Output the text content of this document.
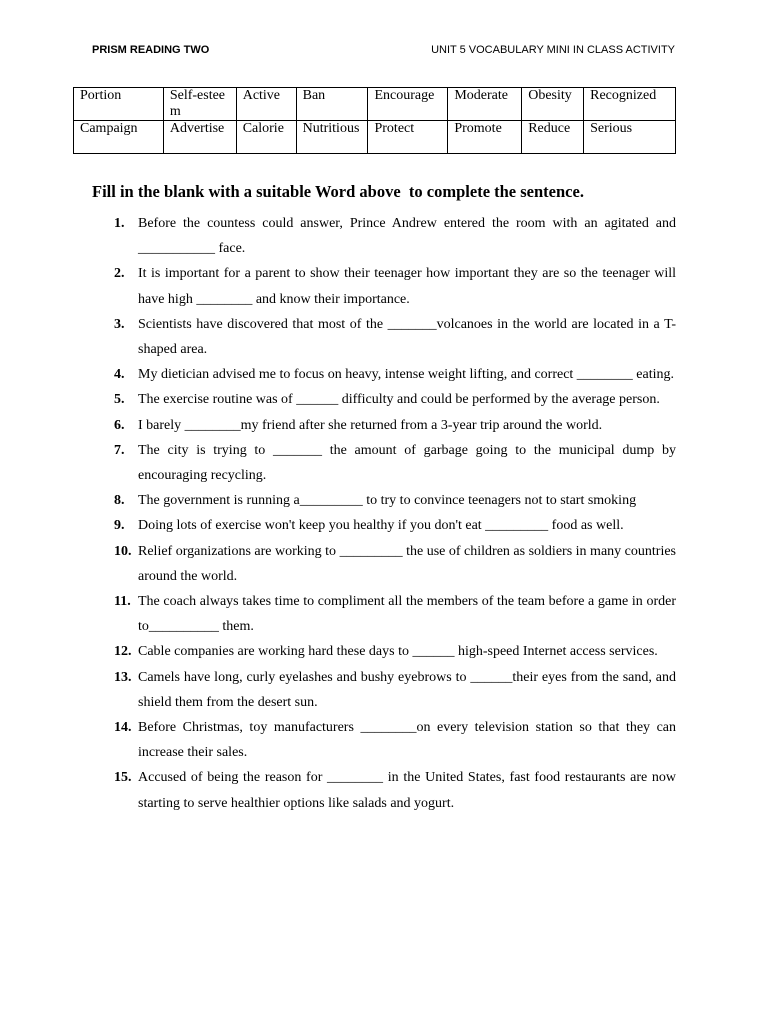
PRISM READING TWO	UNIT 5 VOCABULARY MINI IN CLASS ACTIVITY
Portion	Self-esteem	Active	Ban	Encourage	Moderate	Obesity	Recognized
Campaign	Advertise	Calorie	Nutritious	Protect	Promote	Reduce	Serious
Fill in the blank with a suitable Word above  to complete the sentence.
1. Before the countess could answer, Prince Andrew entered the room with an agitated and ___________ face.
2. It is important for a parent to show their teenager how important they are so the teenager will have high ________ and know their importance.
3. Scientists have discovered that most of the _______volcanoes in the world are located in a T-shaped area.
4. My dietician advised me to focus on heavy, intense weight lifting, and correct ________ eating.
5. The exercise routine was of ______ difficulty and could be performed by the average person.
6. I barely ________my friend after she returned from a 3-year trip around the world.
7. The city is trying to _______ the amount of garbage going to the municipal dump by encouraging recycling.
8. The government is running a_________ to try to convince teenagers not to start smoking
9. Doing lots of exercise won't keep you healthy if you don't eat _________ food as well.
10. Relief organizations are working to _________ the use of children as soldiers in many countries around the world.
11. The coach always takes time to compliment all the members of the team before a game in order to__________ them.
12. Cable companies are working hard these days to ______ high-speed Internet access services.
13. Camels have long, curly eyelashes and bushy eyebrows to ______their eyes from the sand, and shield them from the desert sun.
14. Before Christmas, toy manufacturers ________on every television station so that they can increase their sales.
15. Accused of being the reason for ________ in the United States, fast food restaurants are now starting to serve healthier options like salads and yogurt.
